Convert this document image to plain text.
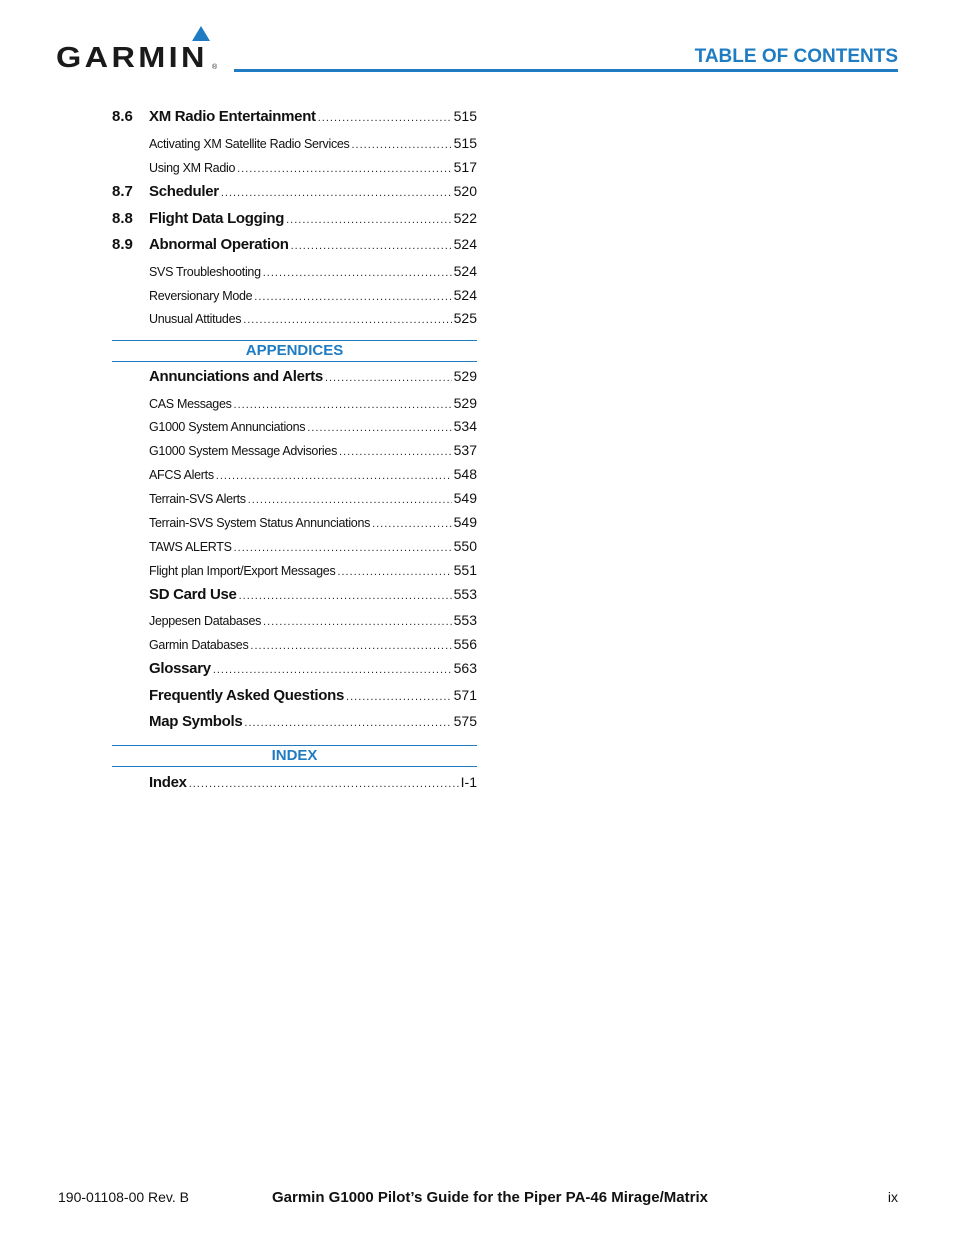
GARMIN ®
TABLE OF CONTENTS
APPENDICES
INDEX
8.6	XM Radio Entertainment .....	515
Activating XM Satellite Radio Services .....	515
Using XM Radio .....	517
8.7	Scheduler .....	520
8.8	Flight Data Logging .....	522
8.9	Abnormal Operation .....	524
SVS Troubleshooting .....	524
Reversionary Mode .....	524
Unusual Attitudes .....	525
Annunciations and Alerts .....	529
CAS Messages .....	529
G1000 System Annunciations .....	534
G1000 System Message Advisories .....	537
AFCS Alerts .....	548
Terrain-SVS Alerts .....	549
Terrain-SVS System Status Annunciations .....	549
TAWS ALERTS .....	550
Flight plan Import/Export Messages .....	551
SD Card Use .....	553
Jeppesen Databases .....	553
Garmin Databases .....	556
Glossary .....	563
Frequently Asked Questions .....	571
Map Symbols .....	575
Index .....	I-1
190-01108-00 Rev. B	Garmin G1000 Pilot’s Guide for the Piper PA-46 Mirage/Matrix	ix
